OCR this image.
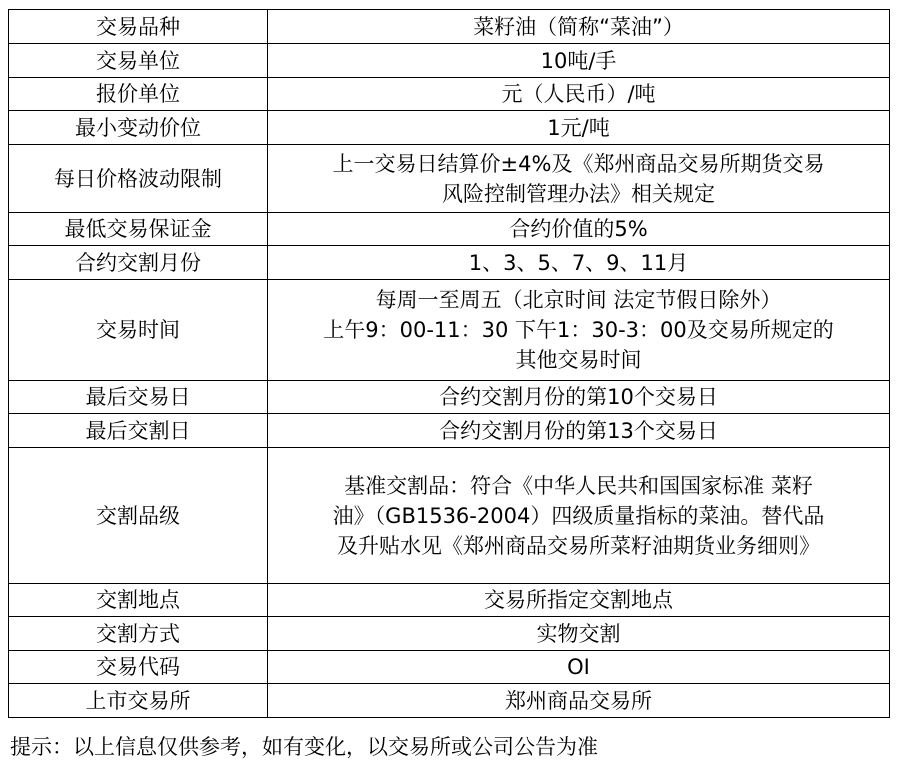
交易品种	菜籽油（简称“菜油”）

交易单位	10吨/手

报价单位	元（人民币）/吨

最小变动价位	1元/吨

每日价格波动限制	上一交易日结算价±4%及《郑州商品交易所期货交易
风险控制管理办法》相关规定

最低交易保证金	合约价值的5%

合约交割月份	1、3、5、7、9、11月

交易时间	每周一至周五（北京时间 法定节假日除外）
上午9：00-11：30 下午1：30-3：00及交易所规定的
其他交易时间

最后交易日	合约交割月份的第10个交易日

最后交割日	合约交割月份的第13个交易日

交割品级	基准交割品：符合《中华人民共和国国家标准 菜籽
油》（GB1536-2004）四级质量指标的菜油。替代品
及升贴水见《郑州商品交易所菜籽油期货业务细则》

交割地点	交易所指定交割地点

交割方式	实物交割

交易代码	OI

上市交易所	郑州商品交易所
提示：以上信息仅供参考，如有变化，以交易所或公司公告为准
